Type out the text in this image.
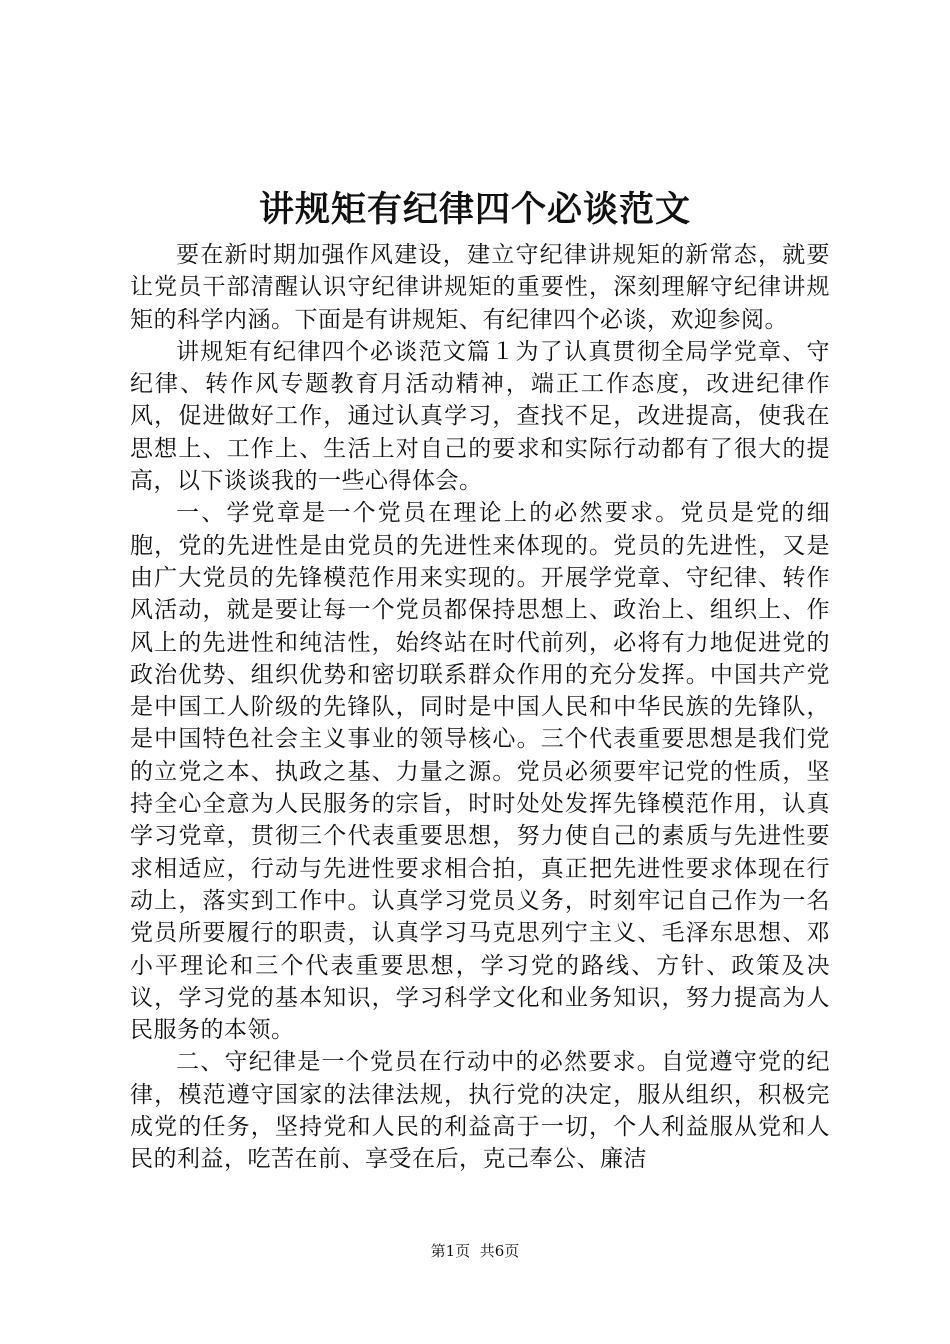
讲规矩有纪律四个必谈范文

要在新时期加强作风建设，建立守纪律讲规矩的新常态，就要让党员干部清醒认识守纪律讲规矩的重要性，深刻理解守纪律讲规矩的科学内涵。下面是有讲规矩、有纪律四个必谈，欢迎参阅。

讲规矩有纪律四个必谈范文篇１为了认真贯彻全局学党章、守纪律、转作风专题教育月活动精神，端正工作态度，改进纪律作风，促进做好工作，通过认真学习，查找不足，改进提高，使我在思想上、工作上、生活上对自己的要求和实际行动都有了很大的提高，以下谈谈我的一些心得体会。

一、学党章是一个党员在理论上的必然要求。党员是党的细胞，党的先进性是由党员的先进性来体现的。党员的先进性，又是由广大党员的先锋模范作用来实现的。开展学党章、守纪律、转作风活动，就是要让每一个党员都保持思想上、政治上、组织上、作风上的先进性和纯洁性，始终站在时代前列，必将有力地促进党的政治优势、组织优势和密切联系群众作用的充分发挥。中国共产党是中国工人阶级的先锋队，同时是中国人民和中华民族的先锋队，是中国特色社会主义事业的领导核心。三个代表重要思想是我们党的立党之本、执政之基、力量之源。党员必须要牢记党的性质，坚持全心全意为人民服务的宗旨，时时处处发挥先锋模范作用，认真学习党章，贯彻三个代表重要思想，努力使自己的素质与先进性要求相适应，行动与先进性要求相合拍，真正把先进性要求体现在行动上，落实到工作中。认真学习党员义务，时刻牢记自己作为一名党员所要履行的职责，认真学习马克思列宁主义、毛泽东思想、邓小平理论和三个代表重要思想，学习党的路线、方针、政策及决议，学习党的基本知识，学习科学文化和业务知识，努力提高为人民服务的本领。

二、守纪律是一个党员在行动中的必然要求。自觉遵守党的纪律，模范遵守国家的法律法规，执行党的决定，服从组织，积极完成党的任务，坚持党和人民的利益高于一切，个人利益服从党和人民的利益，吃苦在前、享受在后，克己奉公、廉洁

第1页 共6页
